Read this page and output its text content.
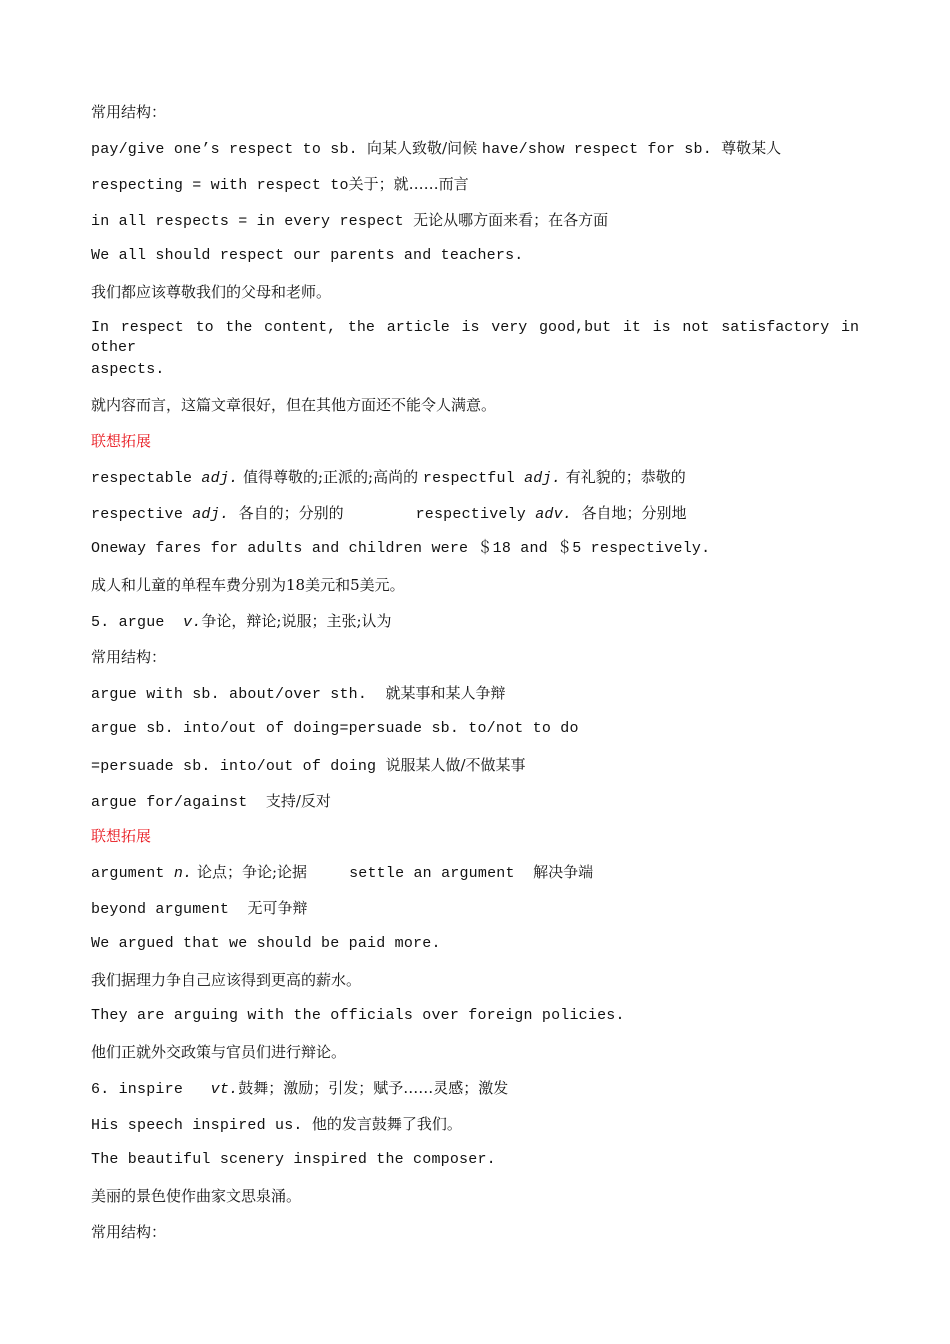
常用结构：
pay/give one’s respect to sb. 向某人致敬/问候 have/show respect for sb. 尊敬某人
respecting = with respect to关于；就……而言
in all respects = in every respect 无论从哪方面来看；在各方面
We all should respect our parents and teachers.
我们都应该尊敬我们的父母和老师。
In respect to the content, the article is very good,but it is not satisfactory in other
aspects.
就内容而言，这篇文章很好，但在其他方面还不能令人满意。
联想拓展
respectable adj. 值得尊敬的;正派的;高尚的 respectful adj. 有礼貌的；恭敬的
respective adj.  各自的；分别的	respectively adv.  各自地；分别地
Oneway fares for adults and children were ＄18 and ＄5 respectively.
成人和儿童的单程车费分别为18美元和5美元。
5. argue  v.争论，辩论;说服；主张;认为
常用结构：
argue with sb. about/over sth.  就某事和某人争辩
argue sb. into/out of doing=persuade sb. to/not to do
=persuade sb. into/out of doing 说服某人做/不做某事
argue for/against  支持/反对
联想拓展
argument n. 论点；争论;论据	settle an argument  解决争端
beyond argument  无可争辩
We argued that we should be paid more.
我们据理力争自己应该得到更高的薪水。
They are arguing with the officials over foreign policies.
他们正就外交政策与官员们进行辩论。
6. inspire   vt.鼓舞；激励；引发；赋予……灵感；激发
His speech inspired us. 他的发言鼓舞了我们。
The beautiful scenery inspired the composer.
美丽的景色使作曲家文思泉涌。
常用结构：
